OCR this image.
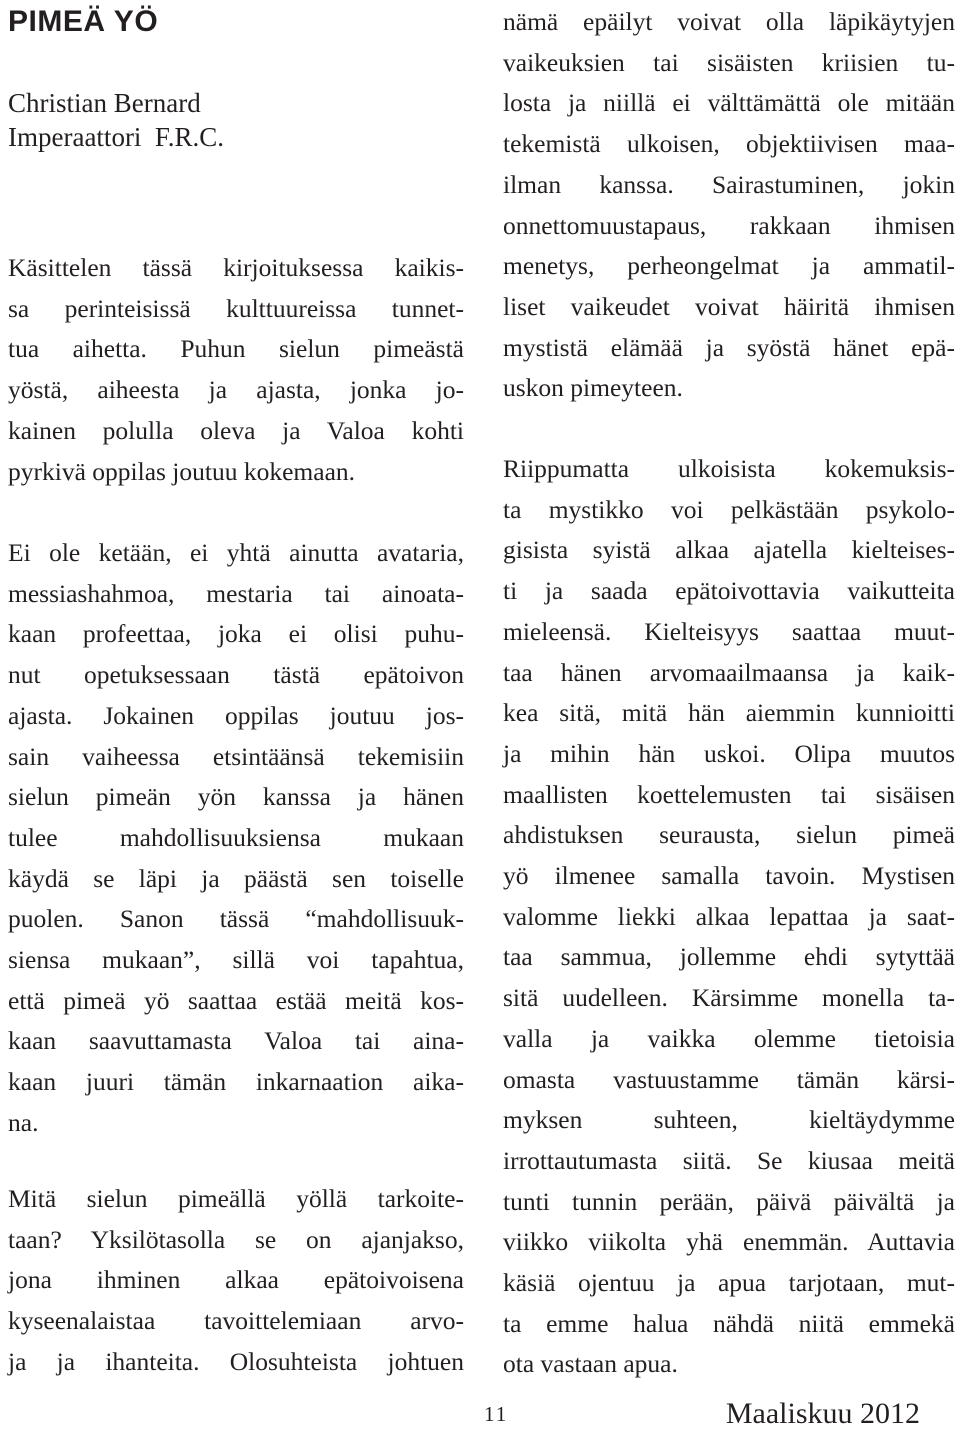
PIMEÄ YÖ
Christian Bernard
Imperaattori  F.R.C.

Käsittelen tässä kirjoituksessa kaikis-
sa perinteisissä kulttuureissa tunnet-
tua aihetta. Puhun sielun pimeästä
yöstä, aiheesta ja ajasta, jonka jo-
kainen polulla oleva ja Valoa kohti
pyrkivä oppilas joutuu kokemaan.

Ei ole ketään, ei yhtä ainutta avataria,
messiashahmoa, mestaria tai ainoata-
kaan profeettaa, joka ei olisi puhu-
nut opetuksessaan tästä epätoivon
ajasta. Jokainen oppilas joutuu jos-
sain vaiheessa etsintäänsä tekemisiin
sielun pimeän yön kanssa ja hänen
tulee mahdollisuuksiensa mukaan
käydä se läpi ja päästä sen toiselle
puolen. Sanon tässä “mahdollisuuk-
siensa mukaan”, sillä voi tapahtua,
että pimeä yö saattaa estää meitä kos-
kaan saavuttamasta Valoa tai aina-
kaan juuri tämän inkarnaation aika-
na.

Mitä sielun pimeällä yöllä tarkoite-
taan? Yksilötasolla se on ajanjakso,
jona ihminen alkaa epätoivoisena
kyseenalaistaa tavoittelemiaan arvo-
ja ja ihanteita. Olosuhteista johtuen

nämä epäilyt voivat olla läpikäytyjen
vaikeuksien tai sisäisten kriisien tu-
losta ja niillä ei välttämättä ole mitään
tekemistä ulkoisen, objektiivisen maa-
ilman kanssa. Sairastuminen, jokin
onnettomuustapaus, rakkaan ihmisen
menetys, perheongelmat ja ammatil-
liset vaikeudet voivat häiritä ihmisen
mystistä elämää ja syöstä hänet epä-
uskon pimeyteen.

Riippumatta ulkoisista kokemuksis-
ta mystikko voi pelkästään psykolo-
gisista syistä alkaa ajatella kielteises-
ti ja saada epätoivottavia vaikutteita
mieleensä. Kielteisyys saattaa muut-
taa hänen arvomaailmaansa ja kaik-
kea sitä, mitä hän aiemmin kunnioitti
ja mihin hän uskoi. Olipa muutos
maallisten koettelemusten tai sisäisen
ahdistuksen seurausta, sielun pimeä
yö ilmenee samalla tavoin. Mystisen
valomme liekki alkaa lepattaa ja saat-
taa sammua, jollemme ehdi sytyttää
sitä uudelleen. Kärsimme monella ta-
valla ja vaikka olemme tietoisia
omasta vastuustamme tämän kärsi-
myksen suhteen, kieltäydymme
irrottautumasta siitä. Se kiusaa meitä
tunti tunnin perään, päivä päivältä ja
viikko viikolta yhä enemmän. Auttavia
käsiä ojentuu ja apua tarjotaan, mut-
ta emme halua nähdä niitä emmekä
ota vastaan apua.

11	Maaliskuu 2012
